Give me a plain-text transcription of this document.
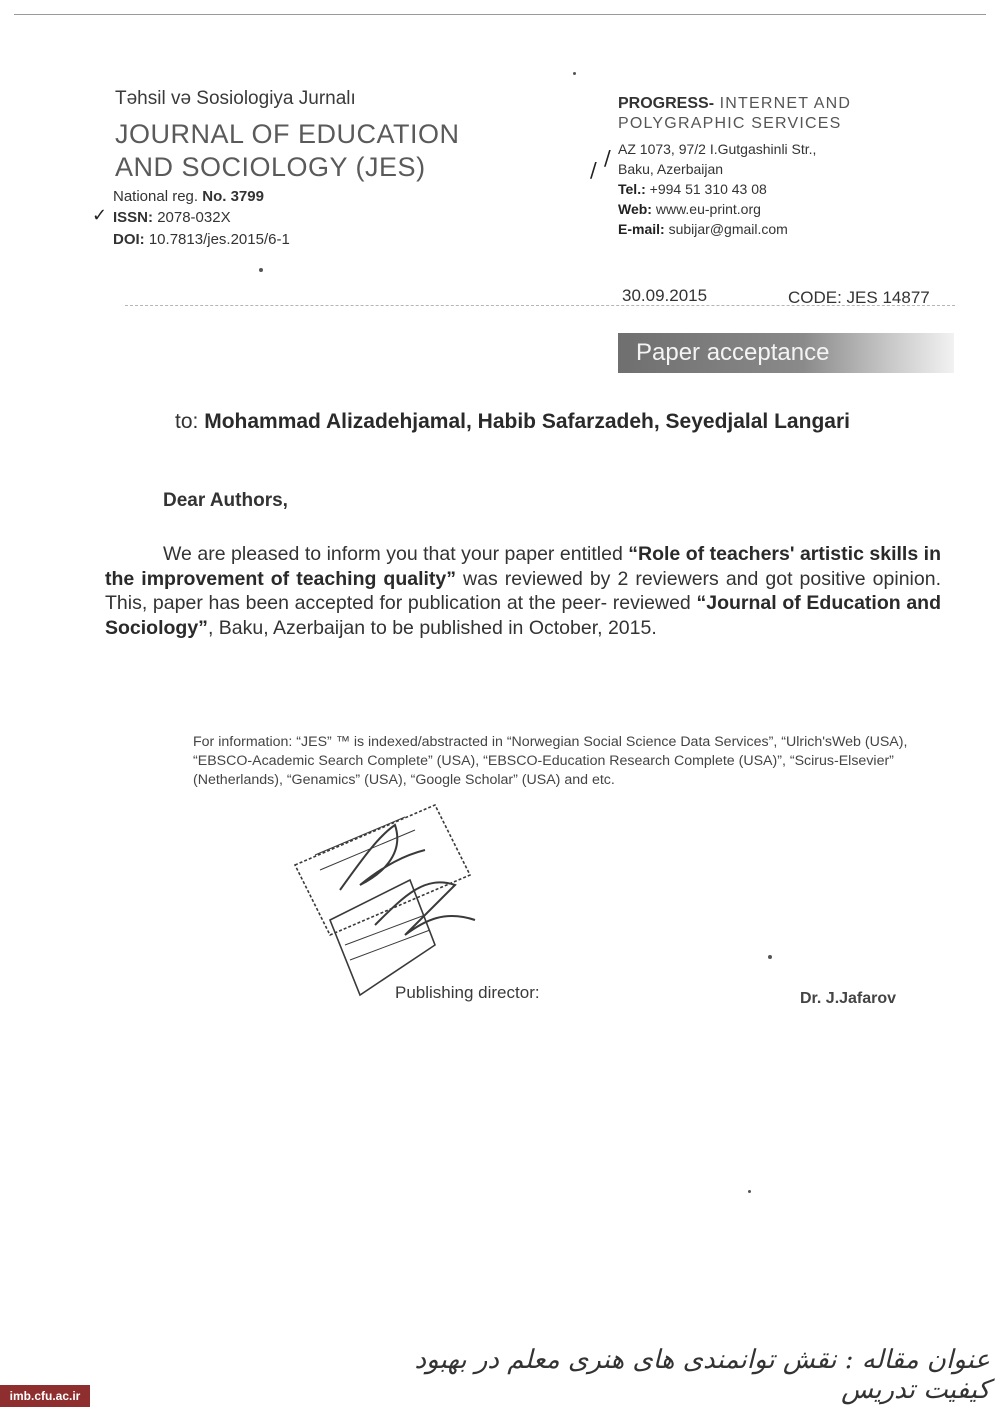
Təhsil və Sosiologiya Jurnalı
JOURNAL OF EDUCATION
AND SOCIOLOGY (JES)
National reg. No. 3799
✓ ISSN: 2078-032X
DOI: 10.7813/jes.2015/6-1
PROGRESS- INTERNET AND
POLYGRAPHIC SERVICES
/
/
AZ 1073, 97/2 I.Gutgashinli Str.,
Baku, Azerbaijan
Tel.: +994 51 310 43 08
Web: www.eu-print.org
E-mail: subijar@gmail.com
30.09.2015	CODE: JES 14877
Paper acceptance
to: Mohammad Alizadehjamal, Habib Safarzadeh, Seyedjalal Langari
Dear Authors,
We are pleased to inform you that your paper entitled “Role of teachers' artistic skills in the improvement of teaching quality” was reviewed by 2 reviewers and got positive opinion. This, paper has been accepted for publication at the peer- reviewed “Journal of Education and Sociology”, Baku, Azerbaijan to be published in October, 2015.
For information: “JES” ™ is indexed/abstracted in “Norwegian Social Science Data Services”, “Ulrich'sWeb (USA), “EBSCO-Academic Search Complete” (USA), “EBSCO-Education Research Complete (USA)”, “Scirus-Elsevier” (Netherlands), “Genamics” (USA), “Google Scholar” (USA) and etc.
Publishing director:	Dr. J.Jafarov
عنوان مقاله : نقش توانمندی های هنری معلم در بهبود کیفیت تدریس
imb.cfu.ac.ir
